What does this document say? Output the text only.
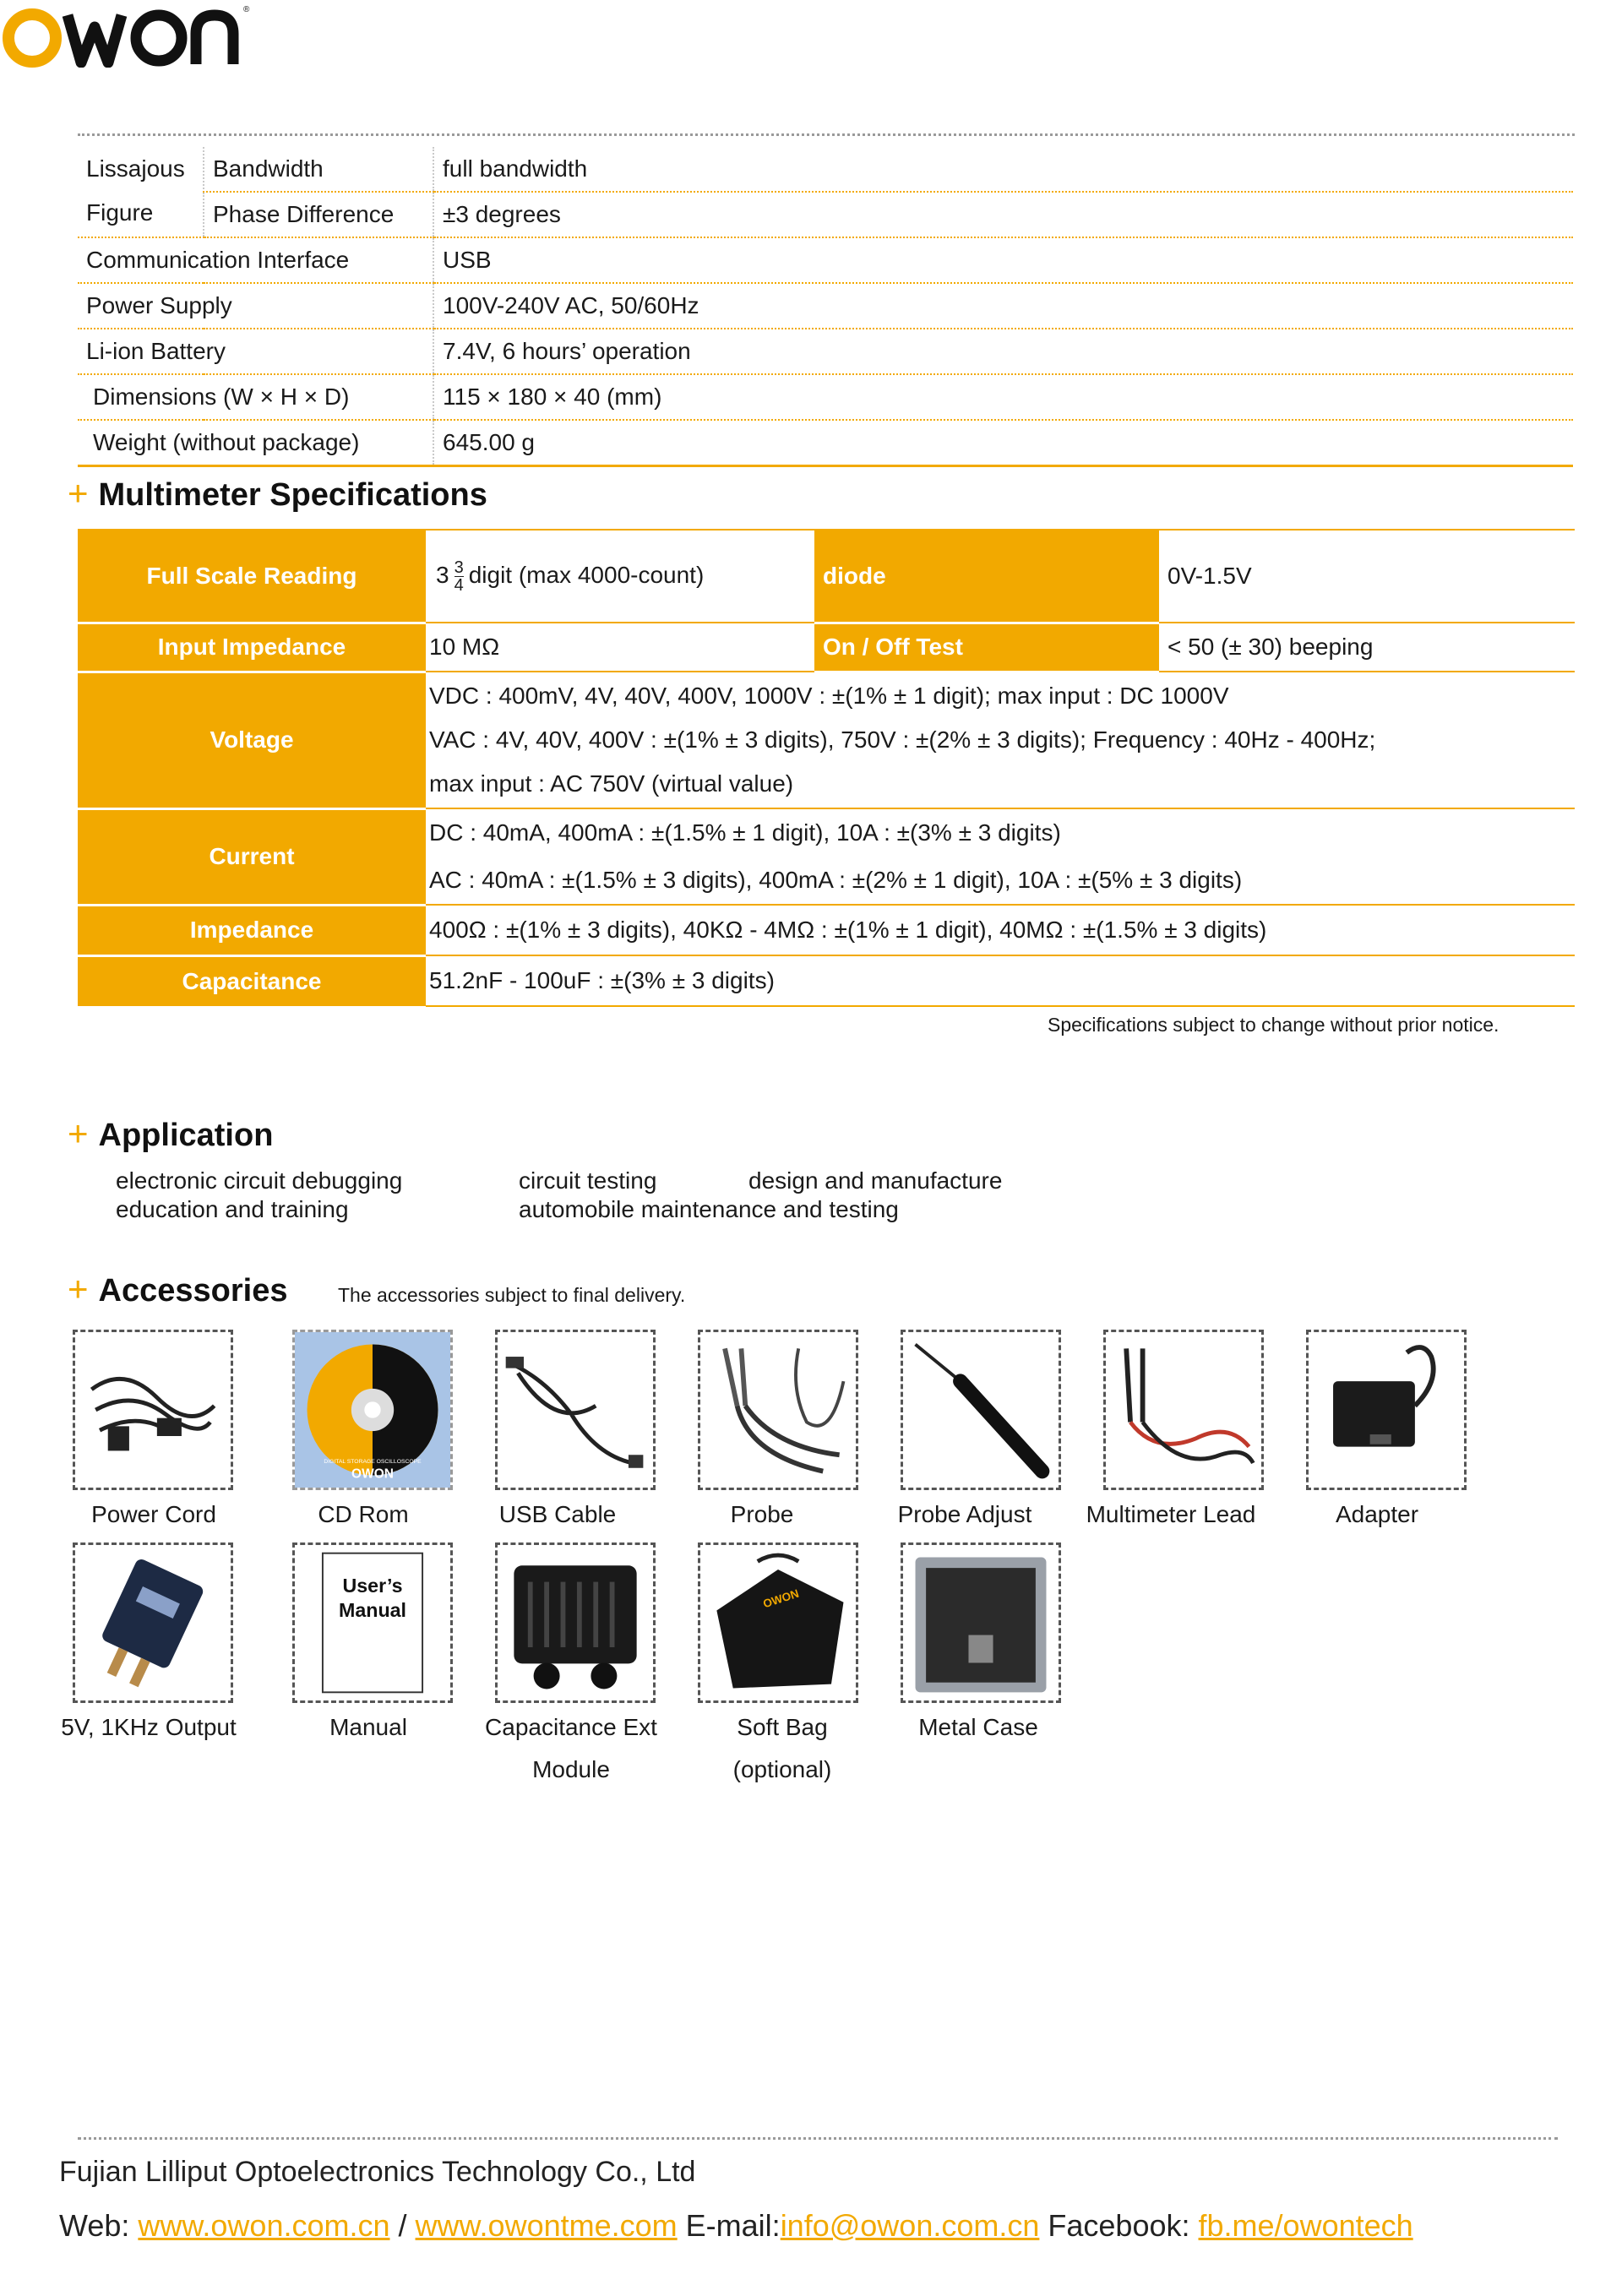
®
Lissajous
Figure	Bandwidth	full bandwidth
	Phase Difference	±3 degrees
Communication Interface		USB
Power Supply		100V-240V AC, 50/60Hz
Li-ion Battery		7.4V, 6 hours’ operation
Dimensions (W × H × D)		115 × 180 × 40 (mm)
Weight (without package)		645.00 g
+ Multimeter Specifications
Full Scale Reading	$3 \frac{3}{4}$ digit (max 4000-count)	diode	0V-1.5V
Input Impedance	10 MΩ	On / Off Test	< 50 (± 30) beeping
Voltage	VDC : 400mV, 4V, 40V, 400V, 1000V : ±(1% ± 1 digit); max input : DC 1000V
VAC : 4V, 40V, 400V : ±(1% ± 3 digits), 750V : ±(2% ± 3 digits); Frequency : 40Hz - 400Hz;
max input : AC 750V (virtual value)		

Current	DC : 40mA, 400mA : ±(1.5% ± 1 digit), 10A : ±(3% ± 3 digits)
AC : 40mA : ±(1.5% ± 3 digits), 400mA : ±(2% ± 1 digit), 10A : ±(5% ± 3 digits)		

Impedance	400Ω : ±(1% ± 3 digits), 40KΩ - 4MΩ : ±(1% ± 1 digit), 40MΩ : ±(1.5% ± 3 digits)		
Capacitance	51.2nF - 100uF : ±(3% ± 3 digits)		
Specifications subject to change without prior notice.
+ Application
electronic circuit debugging	circuit testing	design and manufacture
education and training	automobile maintenance and testing
+ Accessories	The accessories subject to final delivery.
DIGITAL STORAGE OSCILLOSCOPE
OWON
Power Cord	CD Rom	USB Cable	Probe	Probe Adjust	Multimeter Lead	Adapter
User’s
Manual	OWON
5V, 1KHz Output	Manual	Capacitance Ext
Module
Soft Bag
(optional)
Metal Case
Fujian Lilliput Optoelectronics Technology Co., Ltd
Web: www.owon.com.cn / www.owontme.com E-mail:info@owon.com.cn Facebook: fb.me/owontech
